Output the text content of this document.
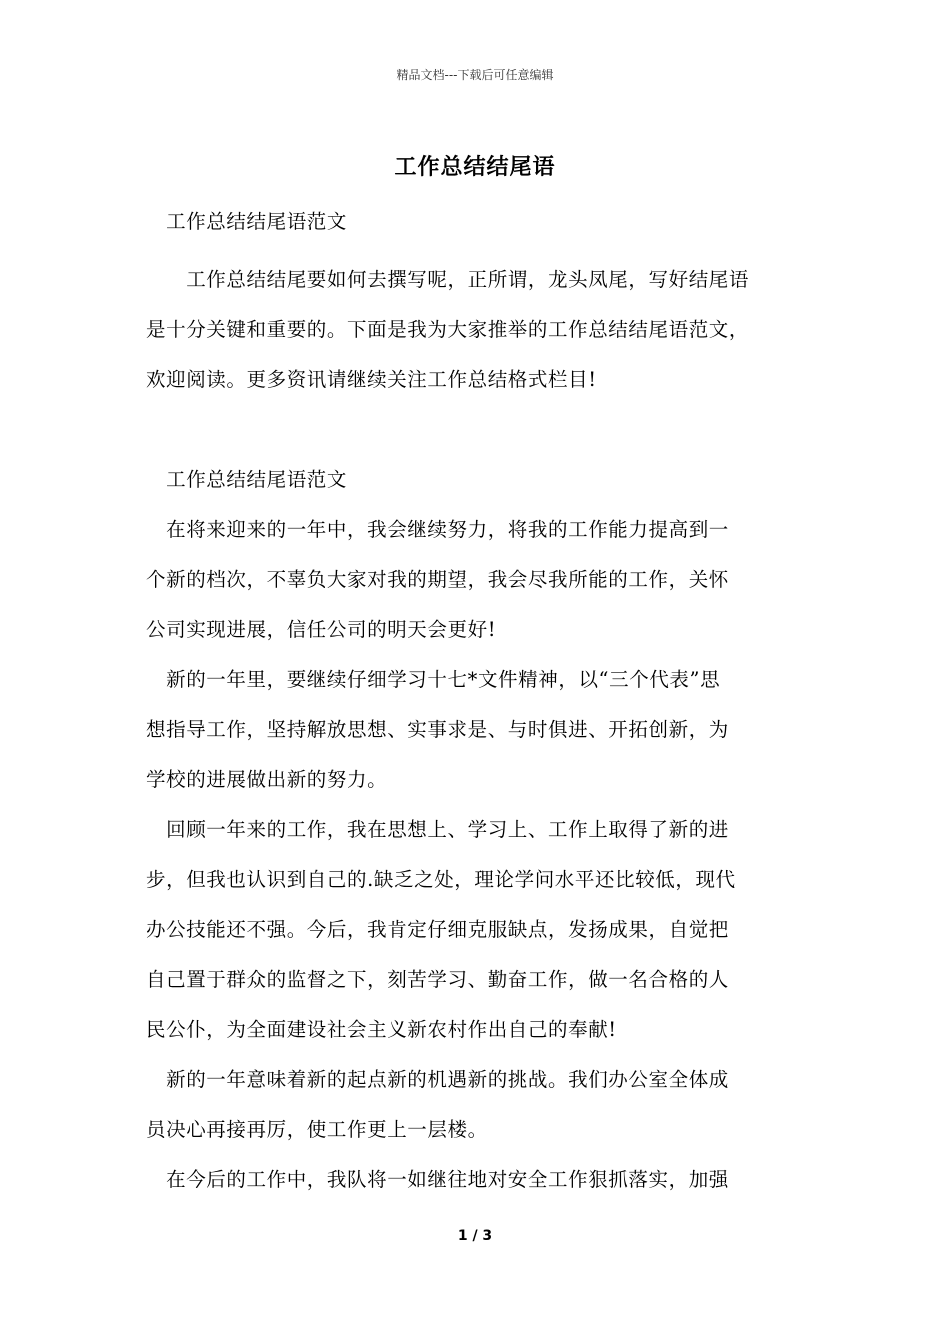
精品文档---下载后可任意编辑
工作总结结尾语

　工作总结结尾语范文

　　工作总结结尾要如何去撰写呢，正所谓，龙头凤尾，写好结尾语

是十分关键和重要的。下面是我为大家推举的工作总结结尾语范文，

欢迎阅读。更多资讯请继续关注工作总结格式栏目!

　工作总结结尾语范文

　在将来迎来的一年中，我会继续努力，将我的工作能力提高到一

个新的档次，不辜负大家对我的期望，我会尽我所能的工作，关怀

公司实现进展，信任公司的明天会更好!

　新的一年里，要继续仔细学习十七*文件精神，以“三个代表”思

想指导工作，坚持解放思想、实事求是、与时俱进、开拓创新，为

学校的进展做出新的努力。

　回顾一年来的工作，我在思想上、学习上、工作上取得了新的进

步，但我也认识到自己的.缺乏之处，理论学问水平还比较低，现代

办公技能还不强。今后，我肯定仔细克服缺点，发扬成果，自觉把

自己置于群众的监督之下，刻苦学习、勤奋工作，做一名合格的人

民公仆，为全面建设社会主义新农村作出自己的奉献!

　新的一年意味着新的起点新的机遇新的挑战。我们办公室全体成

员决心再接再厉，使工作更上一层楼。

　在今后的工作中，我队将一如继往地对安全工作狠抓落实，加强

1 / 3
